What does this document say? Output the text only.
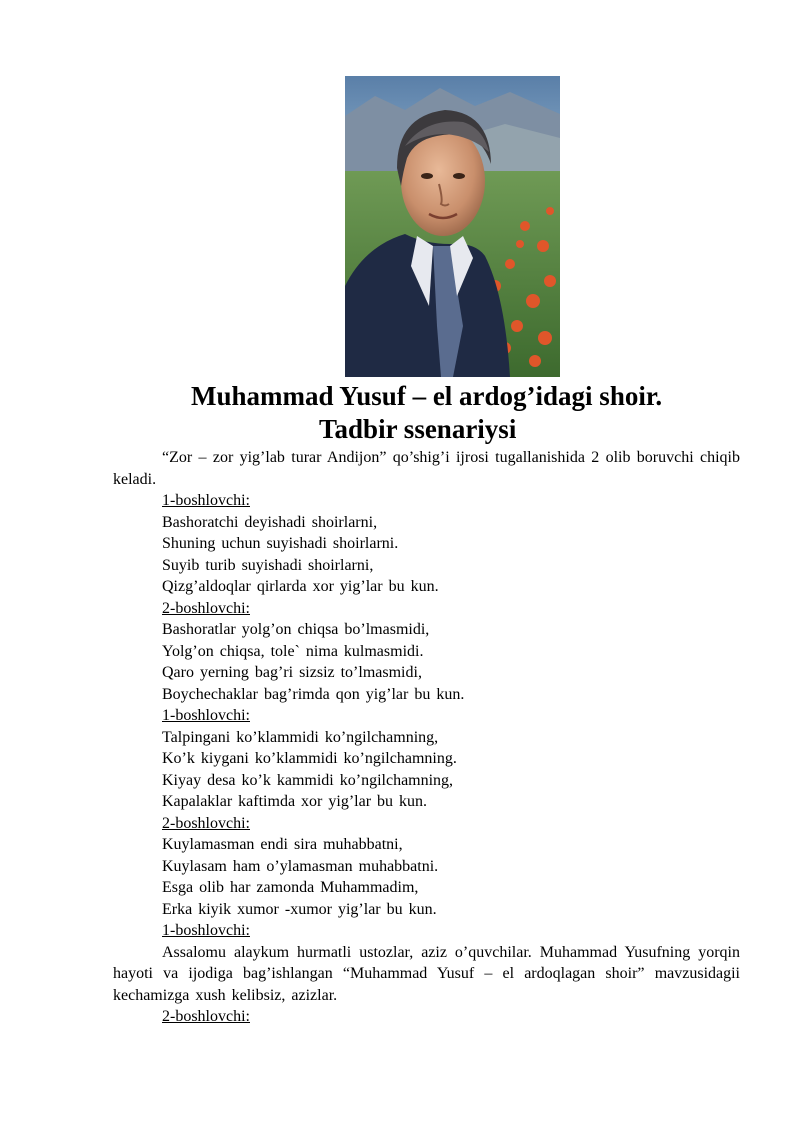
Muhammad Yusuf – el ardog’idagi shoir.
Tadbir ssenariysi

“Zor – zor yig’lab turar Andijon” qo’shig’i ijrosi tugallanishida 2 olib boruvchi chiqib keladi.

1-boshlovchi:

Bashoratchi deyishadi shoirlarni,

Shuning uchun suyishadi shoirlarni.

Suyib turib suyishadi shoirlarni,

Qizg’aldoqlar qirlarda xor yig’lar bu kun.

2-boshlovchi:

Bashoratlar yolg’on chiqsa bo’lmasmidi,

Yolg’on chiqsa, tole` nima kulmasmidi.

Qaro yerning bag’ri sizsiz to’lmasmidi,

Boychechaklar bag’rimda qon yig’lar bu kun.

1-boshlovchi:

Talpingani ko’klammidi ko’ngilchamning,

Ko’k kiygani ko’klammidi ko’ngilchamning.

Kiyay desa ko’k kammidi ko’ngilchamning,

Kapalaklar kaftimda xor yig’lar bu kun.

2-boshlovchi:

Kuylamasman endi sira muhabbatni,

Kuylasam ham o’ylamasman muhabbatni.

Esga olib har zamonda Muhammadim,

Erka kiyik xumor -xumor yig’lar bu kun.

1-boshlovchi:

Assalomu alaykum hurmatli ustozlar, aziz o’quvchilar. Muhammad Yusufning yorqin hayoti va ijodiga bag’ishlangan “Muhammad Yusuf – el ardoqlagan shoir” mavzusidagii kechamizga xush kelibsiz, azizlar.

2-boshlovchi:
